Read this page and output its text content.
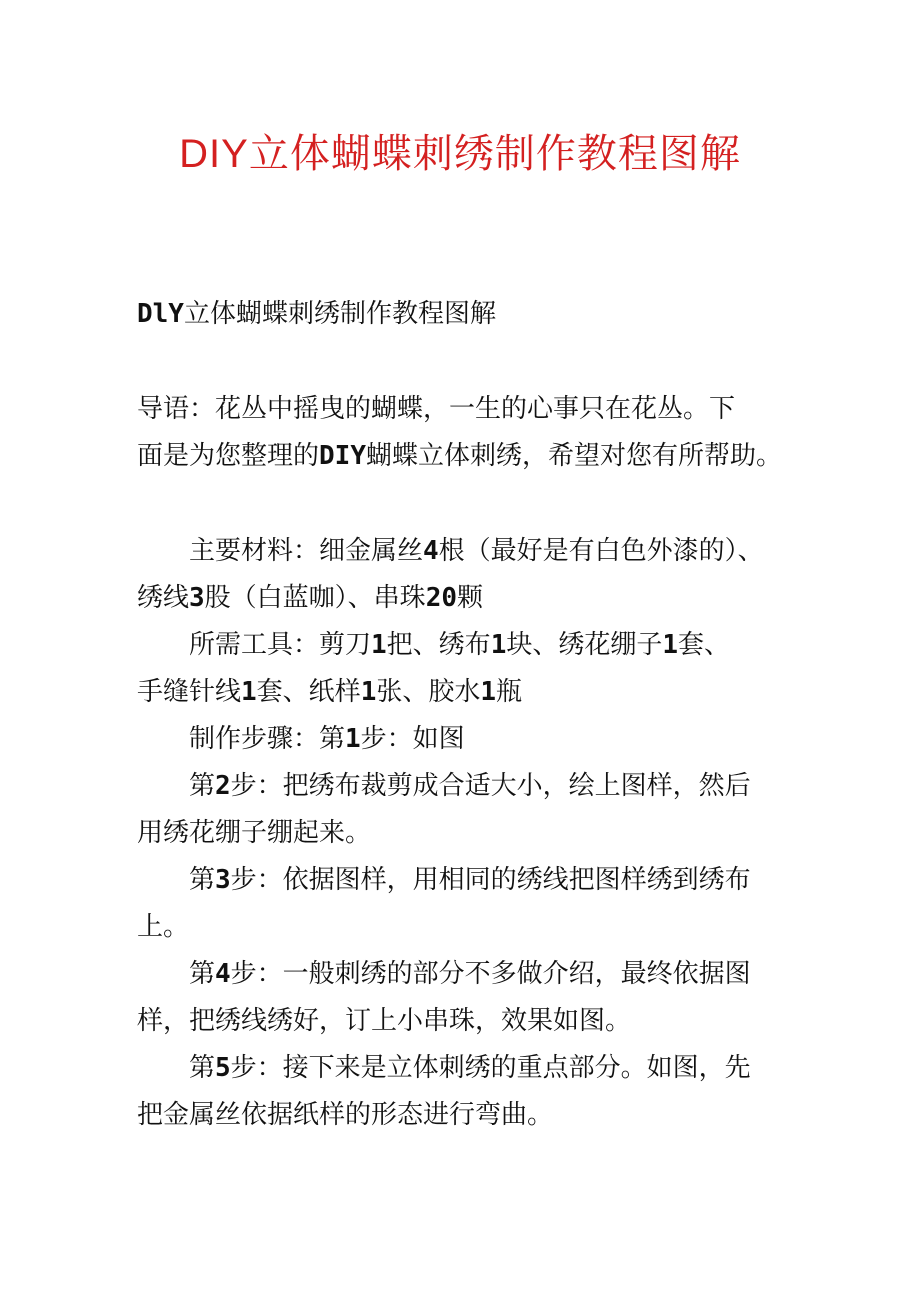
DIY立体蝴蝶刺绣制作教程图解
DlY立体蝴蝶刺绣制作教程图解

导语：花丛中摇曳的蝴蝶，一生的心事只在花丛。下
面是为您整理的DIY蝴蝶立体刺绣，希望对您有所帮助。

主要材料：细金属丝4根（最好是有白色外漆的）、
绣线3股（白蓝咖）、串珠20颗

所需工具：剪刀1把、绣布1块、绣花绷子1套、
手缝针线1套、纸样1张、胶水1瓶

制作步骤：第1步：如图

第2步：把绣布裁剪成合适大小，绘上图样，然后
用绣花绷子绷起来。

第3步：依据图样，用相同的绣线把图样绣到绣布
上。

第4步：一般刺绣的部分不多做介绍，最终依据图
样，把绣线绣好，订上小串珠，效果如图。

第5步：接下来是立体刺绣的重点部分。如图，先
把金属丝依据纸样的形态进行弯曲。
